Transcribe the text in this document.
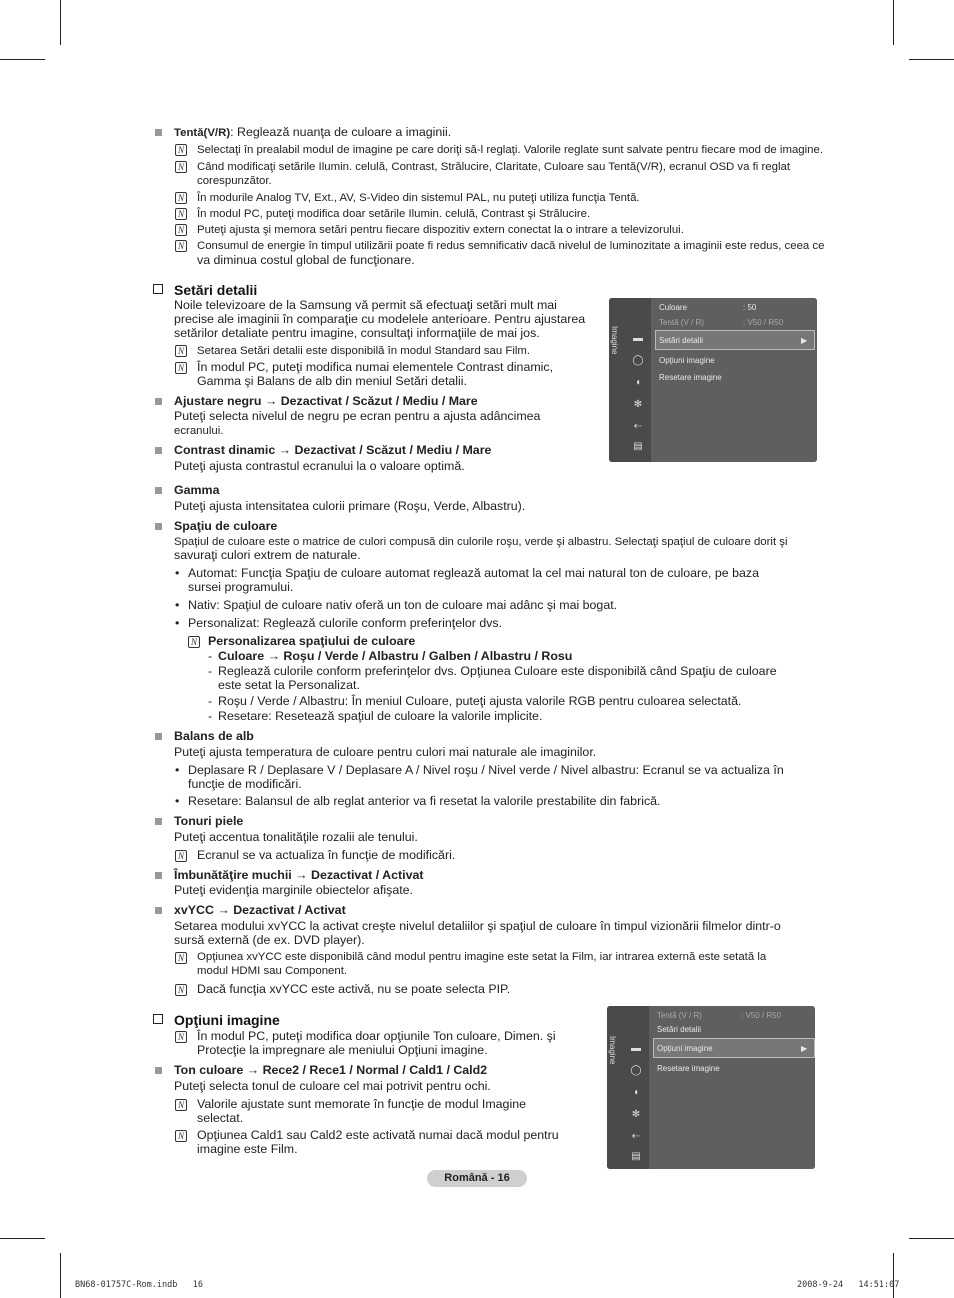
Tentă(V/R): Reglează nuanţa de culoare a imaginii.
N Selectaţi în prealabil modul de imagine pe care doriţi să-l reglaţi. Valorile reglate sunt salvate pentru fiecare mod de imagine.
N Când modificaţi setările Ilumin. celulă, Contrast, Strălucire, Claritate, Culoare sau Tentă(V/R), ecranul OSD va fi reglat
corespunzător.
N În modurile Analog TV, Ext., AV, S-Video din sistemul PAL, nu puteţi utiliza funcţia Tentă.
N În modul PC, puteţi modifica doar setările Ilumin. celulă, Contrast şi Strălucire.
N Puteţi ajusta şi memora setări pentru fiecare dispozitiv extern conectat la o intrare a televizorului.
N Consumul de energie în timpul utilizării poate fi redus semnificativ dacă nivelul de luminozitate a imaginii este redus, ceea ce
va diminua costul global de funcţionare.
Setări detalii
Noile televizoare de la Samsung vă permit să efectuaţi setări mult mai
precise ale imaginii în comparaţie cu modelele anterioare. Pentru ajustarea
setărilor detaliate pentru imagine, consultaţi informaţiile de mai jos.
N Setarea Setări detalii este disponibilă în modul Standard sau Film.
N În modul PC, puteţi modifica numai elementele Contrast dinamic,
Gamma şi Balans de alb din meniul Setări detalii.
Ajustare negru → Dezactivat / Scăzut / Mediu / Mare
Puteţi selecta nivelul de negru pe ecran pentru a ajusta adâncimea
ecranului.
Contrast dinamic → Dezactivat / Scăzut / Mediu / Mare
Puteţi ajusta contrastul ecranului la o valoare optimă.
Imagine ▬
◯
◖
✻
⇠
▤
Culoare	: 50
Tentă (V / R)	: V50 / R50
Setări detalii	▶
Opţiuni imagine
Resetare imagine
Gamma
Puteţi ajusta intensitatea culorii primare (Roşu, Verde, Albastru).
Spaţiu de culoare
Spaţiul de culoare este o matrice de culori compusă din culorile roşu, verde şi albastru. Selectaţi spaţiul de culoare dorit şi
savuraţi culori extrem de naturale.
• Automat: Funcţia Spaţiu de culoare automat reglează automat la cel mai natural ton de culoare, pe baza
sursei programului.
• Nativ: Spaţiul de culoare nativ oferă un ton de culoare mai adânc şi mai bogat.
• Personalizat: Reglează culorile conform preferinţelor dvs.
N Personalizarea spaţiului de culoare
- Culoare → Roşu / Verde / Albastru / Galben / Albastru / Rosu
- Reglează culorile conform preferinţelor dvs. Opţiunea Culoare este disponibilă când Spaţiu de culoare
este setat la Personalizat.
- Roşu / Verde / Albastru: În meniul Culoare, puteţi ajusta valorile RGB pentru culoarea selectată.
- Resetare: Resetează spaţiul de culoare la valorile implicite.
Balans de alb
Puteţi ajusta temperatura de culoare pentru culori mai naturale ale imaginilor.
• Deplasare R / Deplasare V / Deplasare A / Nivel roşu / Nivel verde / Nivel albastru: Ecranul se va actualiza în
funcţie de modificări.
• Resetare: Balansul de alb reglat anterior va fi resetat la valorile prestabilite din fabrică.
Tonuri piele
Puteţi accentua tonalităţile rozalii ale tenului.
N Ecranul se va actualiza în funcţie de modificări.
Îmbunătăţire muchii → Dezactivat / Activat
Puteţi evidenţia marginile obiectelor afişate.
xvYCC → Dezactivat / Activat
Setarea modului xvYCC la activat creşte nivelul detaliilor şi spaţiul de culoare în timpul vizionării filmelor dintr-o
sursă externă (de ex. DVD player).
N Opţiunea xvYCC este disponibilă când modul pentru imagine este setat la Film, iar intrarea externă este setată la
modul HDMI sau Component.
N Dacă funcţia xvYCC este activă, nu se poate selecta PIP.
Opţiuni imagine
N În modul PC, puteţi modifica doar opţiunile Ton culoare, Dimen. şi
Protecţie la impregnare ale meniului Opţiuni imagine.
Ton culoare → Rece2 / Rece1 / Normal / Cald1 / Cald2
Puteţi selecta tonul de culoare cel mai potrivit pentru ochi.
N Valorile ajustate sunt memorate în funcţie de modul Imagine
selectat.
N Opţiunea Cald1 sau Cald2 este activată numai dacă modul pentru
imagine este Film.
Imagine ▬
◯
◖
✻
⇠
▤
Tentă (V / R)	: V50 / R50
Setări detalii
Opţiuni imagine	▶
Resetare imagine
Română - 16
BN68-01757C-Rom.indb   16	2008-9-24   14:51:07
